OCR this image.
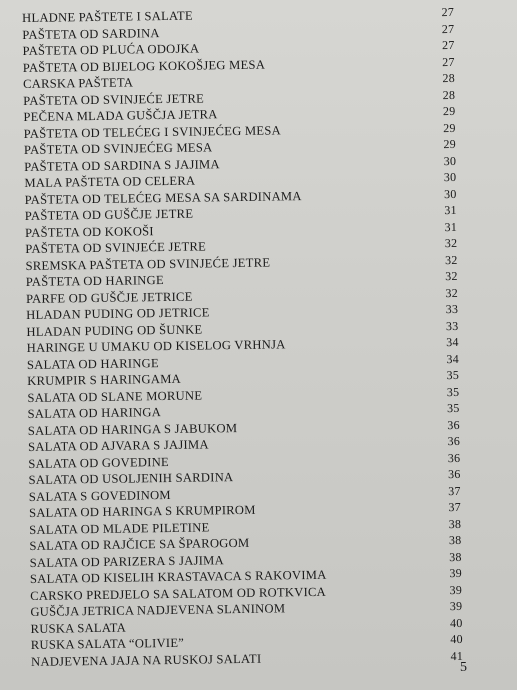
HLADNE PAŠTETE I SALATE	27
PAŠTETA OD SARDINA	27
PAŠTETA OD PLUĆA ODOJKA	27
PAŠTETA OD BIJELOG KOKOŠJEG MESA	27
CARSKA PAŠTETA	28
PAŠTETA OD SVINJEĆE JETRE	28
PEČENA MLADA GUŠČJA JETRA	29
PAŠTETA OD TELEĆEG I SVINJEĆEG MESA	29
PAŠTETA OD SVINJEĆEG MESA	29
PAŠTETA OD SARDINA S JAJIMA	30
MALA PAŠTETA OD CELERA	30
PAŠTETA OD TELEĆEG MESA SA SARDINAMA	30
PAŠTETA OD GUŠČJE JETRE	31
PAŠTETA OD KOKOŠI	31
PAŠTETA OD SVINJEĆE JETRE	32
SREMSKA PAŠTETA OD SVINJEĆE JETRE	32
PAŠTETA OD HARINGE	32
PARFE OD GUŠČJE JETRICE	32
HLADAN PUDING OD JETRICE	33
HLADAN PUDING OD ŠUNKE	33
HARINGE U UMAKU OD KISELOG VRHNJA	34
SALATA OD HARINGE	34
KRUMPIR S HARINGAMA	35
SALATA OD SLANE MORUNE	35
SALATA OD HARINGA	35
SALATA OD HARINGA S JABUKOM	36
SALATA OD AJVARA S JAJIMA	36
SALATA OD GOVEDINE	36
SALATA OD USOLJENIH SARDINA	36
SALATA S GOVEDINOM	37
SALATA OD HARINGA S KRUMPIROM	37
SALATA OD MLADE PILETINE	38
SALATA OD RAJČICE SA ŠPAROGOM	38
SALATA OD PARIZERA S JAJIMA	38
SALATA OD KISELIH KRASTAVACA S RAKOVIMA	39
CARSKO PREDJELO SA SALATOM OD ROTKVICA	39
GUŠČJA JETRICA NADJEVENA SLANINOM	39
RUSKA SALATA	40
RUSKA SALATA “OLIVIE”	40
NADJEVENA JAJA NA RUSKOJ SALATI	41
5
